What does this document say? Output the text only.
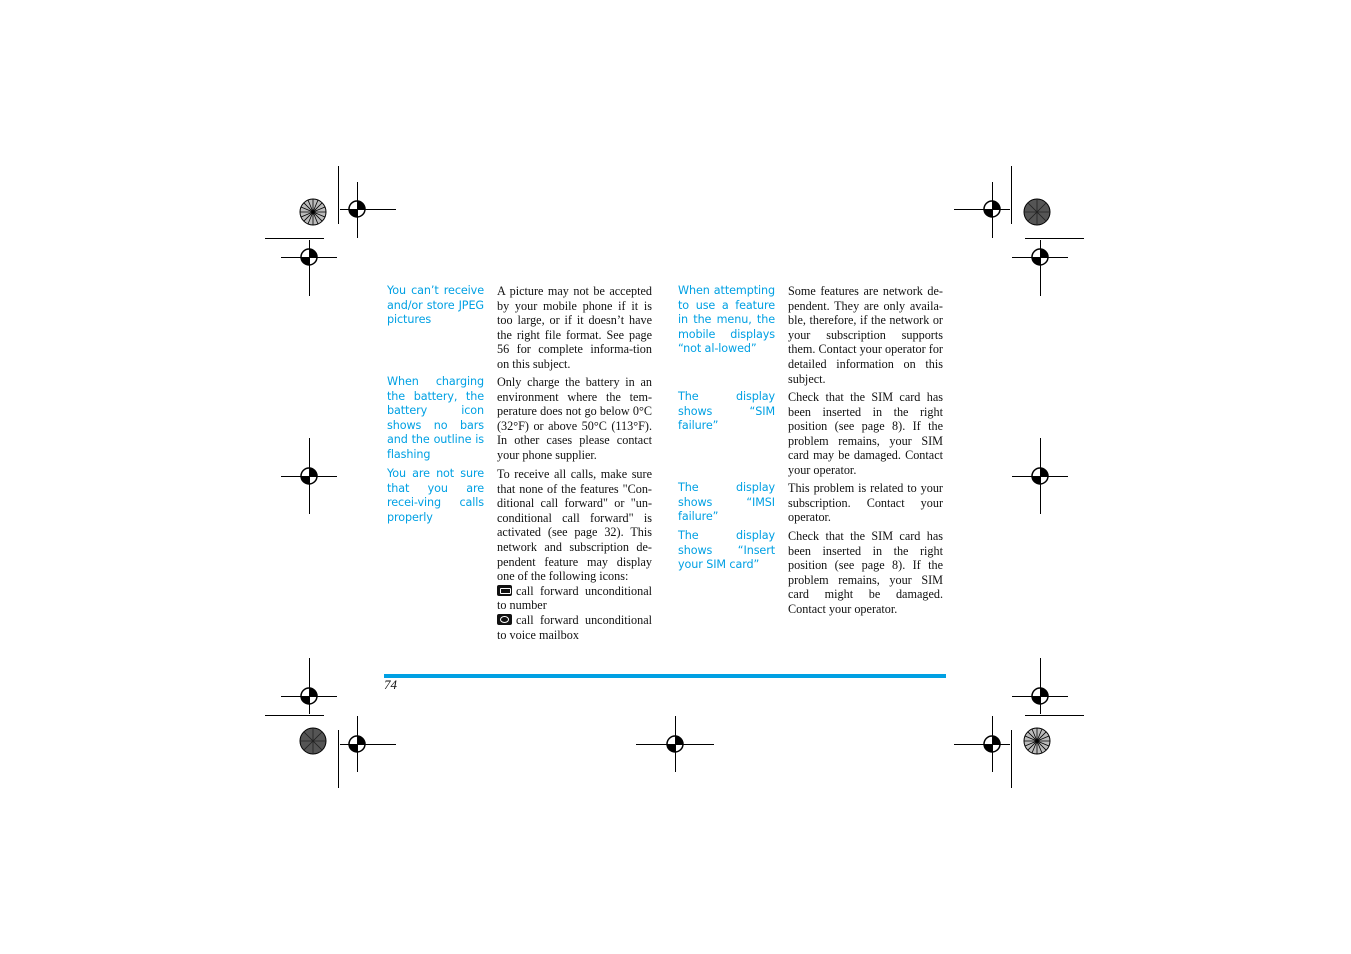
You can’t receive and/or store JPEG pictures
A picture may not be accepted by your mobile phone if it is too large, or if it doesn’t have the right file format. See page 56 for complete informa-tion on this subject.
When charging the battery, the battery icon shows no bars and the outline is flashing
Only charge the battery in an environment where the tem-perature does not go below 0°C (32°F) or above 50°C (113°F). In other cases please contact your phone supplier.
You are not sure that you are recei-ving calls properly
To receive all calls, make sure that none of the features "Con-ditional call forward" or "un-conditional call forward" is activated (see page 32). This network and subscription de-pendent feature may display one of the following icons:
call forward unconditional to number
call forward unconditional to voice mailbox
When attempting to use a feature in the menu, the mobile displays “not al-lowed”
Some features are network de-pendent. They are only availa-ble, therefore, if the network or your subscription supports them. Contact your operator for detailed information on this subject.
The display shows “SIM failure”
Check that the SIM card has been inserted in the right position (see page 8). If the problem remains, your SIM card may be damaged. Contact your operator.
The display shows “IMSI failure”
This problem is related to your subscription. Contact your operator.
The display shows “Insert your SIM card”
Check that the SIM card has been inserted in the right position (see page 8). If the problem remains, your SIM card might be damaged. Contact your operator.
74
